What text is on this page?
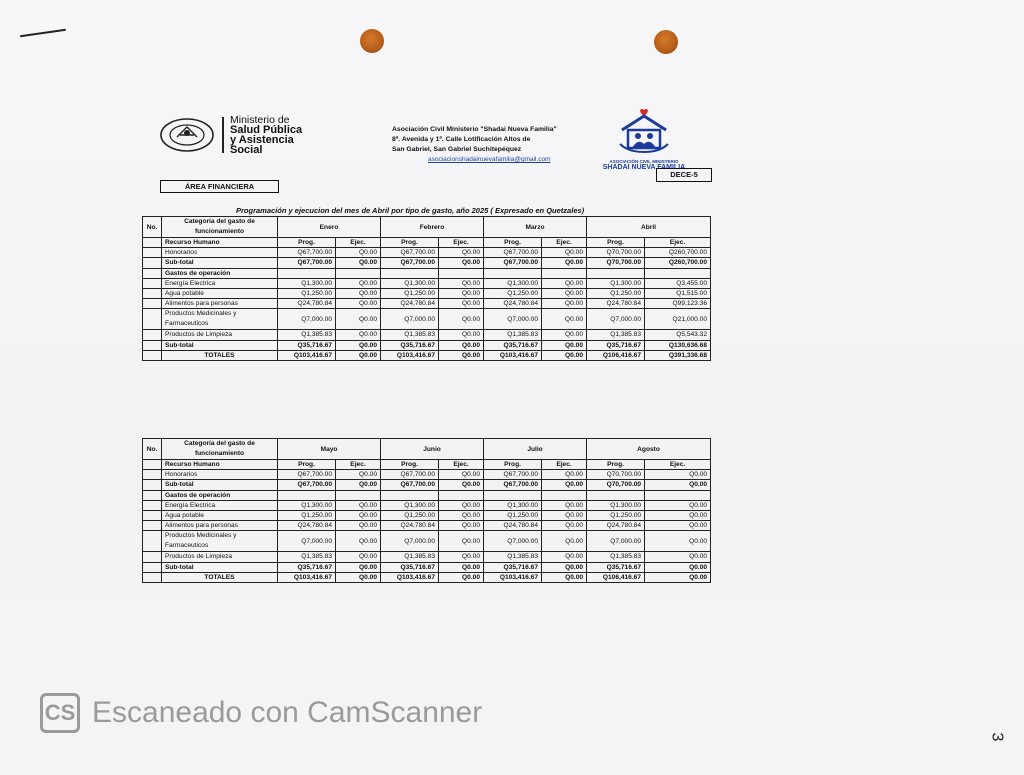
Ministerio de
Salud Pública
y Asistencia
Social
Asociación Civil Ministerio "Shadai Nueva Familia"
8ª. Avenida y 1ª. Calle Lotificación Altos de
San Gabriel, San Gabriel Suchitepéquez
asociacionshadainuevafamilia@gmail.com	ASOCIACIÓN CIVIL MINISTERIO
SHADAI NUEVA FAMILIA
DECE-5
ÁREA FINANCIERA
Programación y ejecucion del mes de Abril por tipo de gasto, año 2025 ( Expresado en Quetzales)
No.	Categoría del gasto de funcionamiento	Enero		Febrero		Marzo		Abril	
	Recurso Humano	Prog.	Ejec.	Prog.	Ejec.	Prog.	Ejec.	Prog.	Ejec.
	Honorarios	Q67,700.00	Q0.00	Q67,700.00	Q0.00	Q67,700.00	Q0.00	Q70,700.00	Q260,700.00
	Sub-total	Q67,700.00	Q0.00	Q67,700.00	Q0.00	Q67,700.00	Q0.00	Q70,700.00	Q260,700.00
	Gastos de operación								
	Energía Electrica	Q1,300.00	Q0.00	Q1,300.00	Q0.00	Q1,300.00	Q0.00	Q1,300.00	Q3,455.00
	Agua potable	Q1,250.00	Q0.00	Q1,250.00	Q0.00	Q1,250.00	Q0.00	Q1,250.00	Q1,515.00
	Alimentos para personas	Q24,780.84	Q0.00	Q24,780.84	Q0.00	Q24,780.84	Q0.00	Q24,780.84	Q99,123.36
	Productos Medicinales y Farmaceuticos	Q7,000.00	Q0.00	Q7,000.00	Q0.00	Q7,000.00	Q0.00	Q7,000.00	Q21,000.00
	Productos de Limpieza	Q1,385.83	Q0.00	Q1,385.83	Q0.00	Q1,385.83	Q0.00	Q1,385.83	Q5,543.32
	Sub-total	Q35,716.67	Q0.00	Q35,716.67	Q0.00	Q35,716.67	Q0.00	Q35,716.67	Q130,636.68
	TOTALES	Q103,416.67	Q0.00	Q103,416.67	Q0.00	Q103,416.67	Q0.00	Q106,416.67	Q391,336.68
No.	Categoría del gasto de funcionamiento	Mayo		Junio		Julio		Agosto	
	Recurso Humano	Prog.	Ejec.	Prog.	Ejec.	Prog.	Ejec.	Prog.	Ejec.
	Honorarios	Q67,700.00	Q0.00	Q67,700.00	Q0.00	Q67,700.00	Q0.00	Q70,700.00	Q0.00
	Sub-total	Q67,700.00	Q0.00	Q67,700.00	Q0.00	Q67,700.00	Q0.00	Q70,700.00	Q0.00
	Gastos de operación								
	Energía Electrica	Q1,300.00	Q0.00	Q1,300.00	Q0.00	Q1,300.00	Q0.00	Q1,300.00	Q0.00
	Agua potable	Q1,250.00	Q0.00	Q1,250.00	Q0.00	Q1,250.00	Q0.00	Q1,250.00	Q0.00
	Alimentos para personas	Q24,780.84	Q0.00	Q24,780.84	Q0.00	Q24,780.84	Q0.00	Q24,780.84	Q0.00
	Productos Medicinales y Farmaceuticos	Q7,000.00	Q0.00	Q7,000.00	Q0.00	Q7,000.00	Q0.00	Q7,000.00	Q0.00
	Productos de Limpieza	Q1,385.83	Q0.00	Q1,385.83	Q0.00	Q1,385.83	Q0.00	Q1,385.83	Q0.00
	Sub-total	Q35,716.67	Q0.00	Q35,716.67	Q0.00	Q35,716.67	Q0.00	Q35,716.67	Q0.00
	TOTALES	Q103,416.67	Q0.00	Q103,416.67	Q0.00	Q103,416.67	Q0.00	Q106,416.67	Q0.00
CS Escaneado con CamScanner
3
